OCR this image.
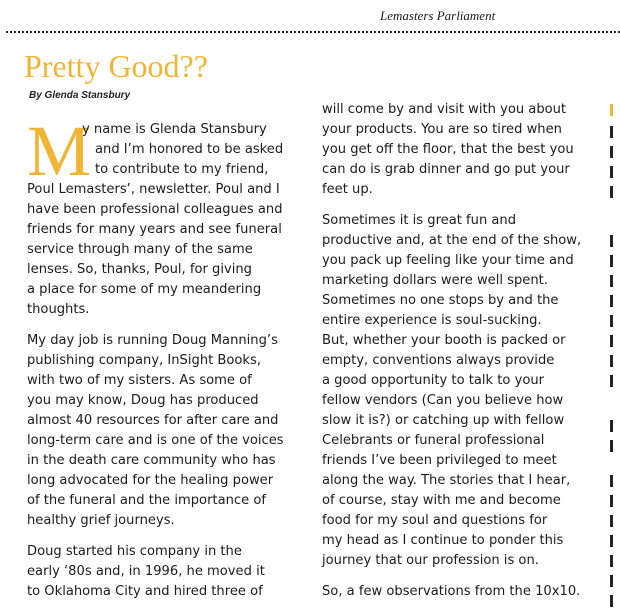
Lemasters Parliament
Pretty Good??
By Glenda Stansbury
M
y name is Glenda Stansbury
and I’m honored to be asked
to contribute to my friend,
Poul Lemasters’, newsletter. Poul and I
have been professional colleagues and
friends for many years and see funeral
service through many of the same
lenses. So, thanks, Poul, for giving
a place for some of my meandering
thoughts.
My day job is running Doug Manning’s
publishing company, InSight Books,
with two of my sisters. As some of
you may know, Doug has produced
almost 40 resources for after care and
long-term care and is one of the voices
in the death care community who has
long advocated for the healing power
of the funeral and the importance of
healthy grief journeys.
Doug started his company in the
early ‘80s and, in 1996, he moved it
to Oklahoma City and hired three of
will come by and visit with you about
your products. You are so tired when
you get off the floor, that the best you
can do is grab dinner and go put your
feet up.
Sometimes it is great fun and
productive and, at the end of the show,
you pack up feeling like your time and
marketing dollars were well spent.
Sometimes no one stops by and the
entire experience is soul-sucking.
But, whether your booth is packed or
empty, conventions always provide
a good opportunity to talk to your
fellow vendors (Can you believe how
slow it is?) or catching up with fellow
Celebrants or funeral professional
friends I’ve been privileged to meet
along the way. The stories that I hear,
of course, stay with me and become
food for my soul and questions for
my head as I continue to ponder this
journey that our profession is on.
So, a few observations from the 10x10.
